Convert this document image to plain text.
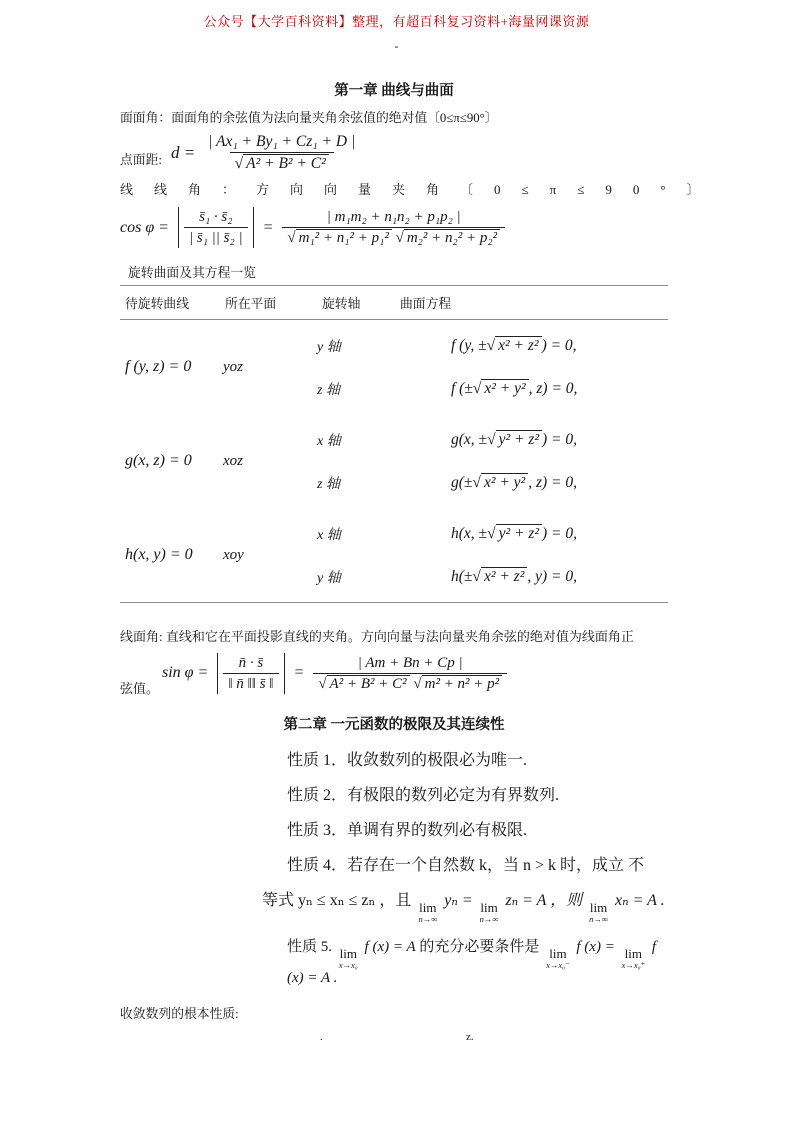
公众号【大学百科资料】整理，有超百科复习资料+海量网课资源
-
第一章 曲线与曲面
面面角：面面角的余弦值为法向量夹角余弦值的绝对值〔0≤π≤90°〕
点面距: $d = \frac{\text{| Ax₁ + By₁ + Cz₁ + D |}}{\text{√ A² + B² + C²}}$
线线角：方向向量夹角〔0≤π≤90°〕
$\cos \varphi = \frac{\text{s̄₁ · s̄₂}}{\text{| s̄₁ || s̄₂ |}} = \frac{\text{| m₁m₂ + n₁n₂ + p₁p₂ |}}{\text{√ m₁² + n₁² + p₁² √ m₂² + n₂² + p₂²}}$
旋转曲面及其方程一览
待旋转曲线	所在平面	旋转轴	曲面方程
f (y, z) = 0	yoz
y 轴	f (y, ±√ x² + z² ) = 0,
z 轴	f (±√ x² + y² , z) = 0,
g(x, z) = 0	xoz
x 轴	g(x, ±√ y² + z² ) = 0,
z 轴	g(±√ x² + y² , z) = 0,
h(x, y) = 0	xoy
x 轴	h(x, ±√ y² + z² ) = 0,
y 轴	h(±√ x² + z² , y) = 0,
线面角: 直线和它在平面投影直线的夹角。方向向量与法向量夹角余弦的绝对值为线面角正
$\sin \varphi = \frac{n̄ \cdot s̄}{‖ n̄ ‖‖ s̄ ‖} = \frac{| Am + Bn + Cp |}{\text{√ A² + B² + C² √ m² + n² + p²}}$
弦值。
第二章 一元函数的极限及其连续性
性质 1．收敛数列的极限必为唯一.
性质 2．有极限的数列必定为有界数列.
性质 3．单调有界的数列必有极限.
性质 4．若存在一个自然数 k，当 n > k 时，成立 不
等式 yₙ ≤ xₙ ≤ zₙ ，且 lim
n→∞
yₙ = lim
n→∞
zₙ = A ，则 lim
n→∞
xₙ = A .
性质 5. lim
x→x₀
f (x) = A 的充分必要条件是 lim
x→x₀⁻
f (x) = lim
x→x₀⁺
f (x) = A .
收敛数列的根本性质:
.	z.
